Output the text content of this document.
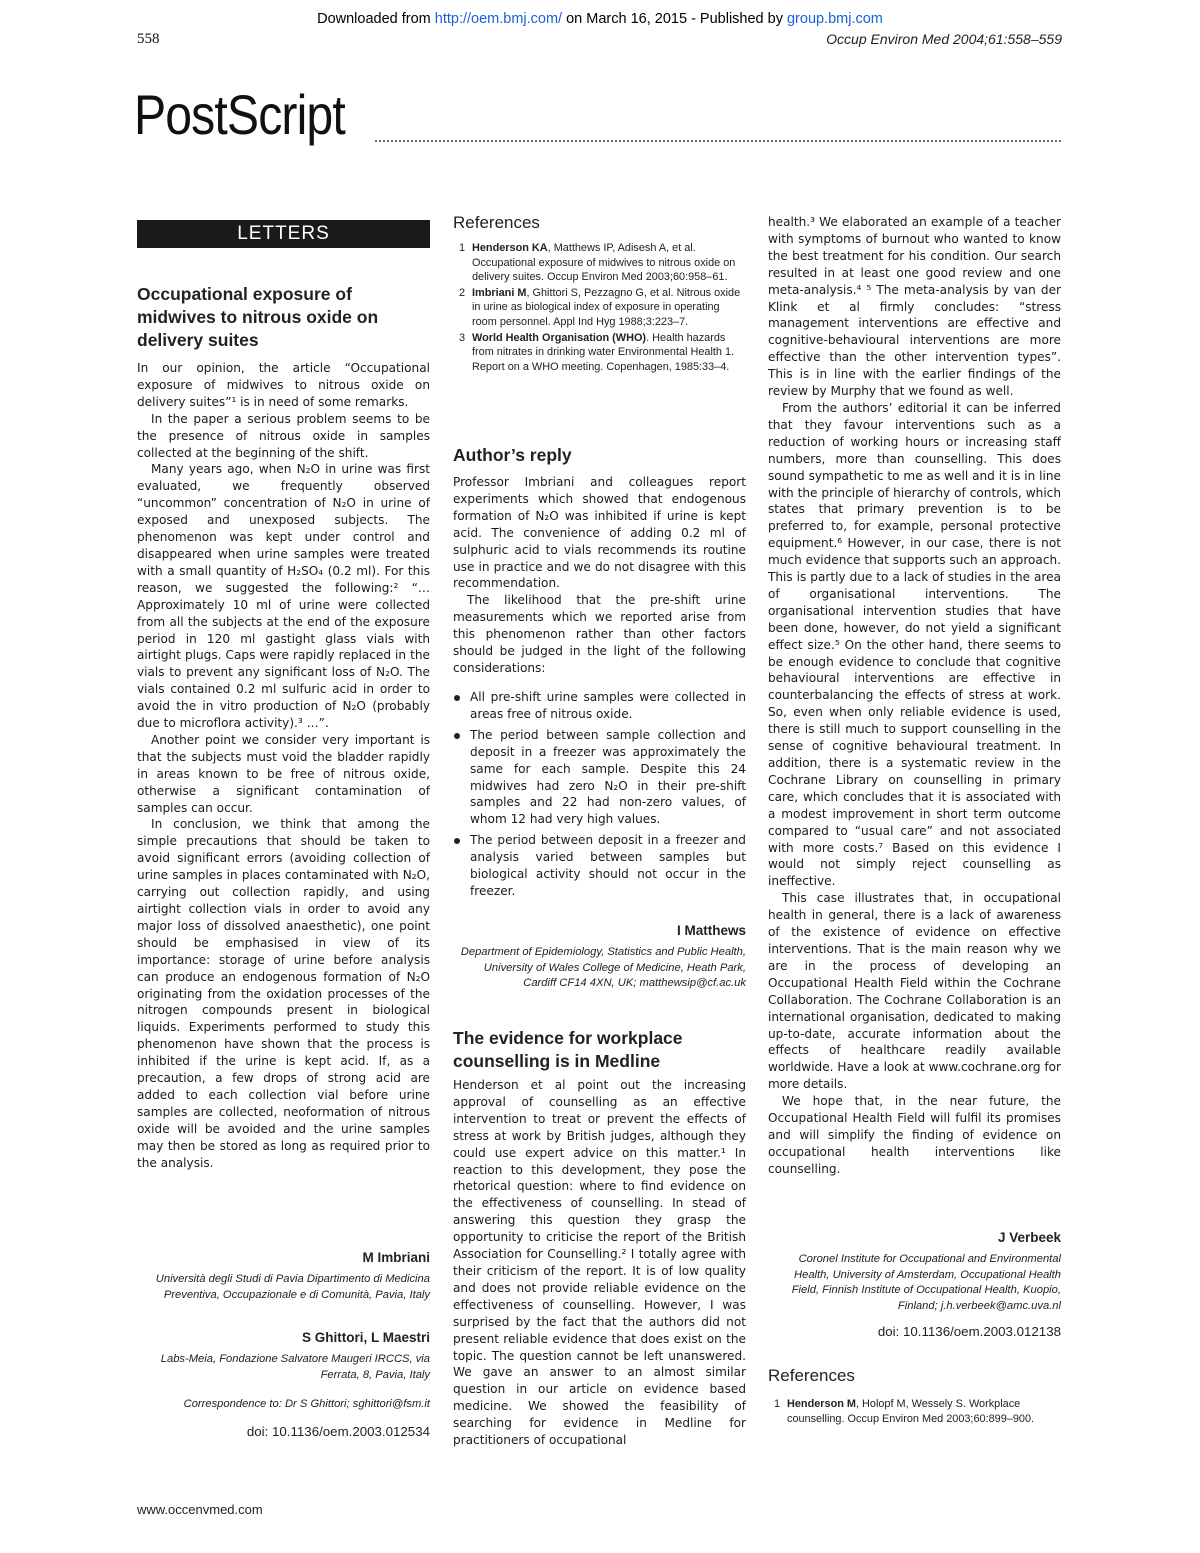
Downloaded from http://oem.bmj.com/ on March 16, 2015 - Published by group.bmj.com
558	Occup Environ Med 2004;61:558–559
PostScript
LETTERS
Occupational exposure of midwives to nitrous oxide on delivery suites

In our opinion, the article “Occupational exposure of midwives to nitrous oxide on delivery suites”¹ is in need of some remarks.

In the paper a serious problem seems to be the presence of nitrous oxide in samples collected at the beginning of the shift.

Many years ago, when N₂O in urine was first evaluated, we frequently observed “uncommon” concentration of N₂O in urine of exposed and unexposed subjects. The phenomenon was kept under control and disappeared when urine samples were treated with a small quantity of H₂SO₄ (0.2 ml). For this reason, we suggested the following:² “… Approximately 10 ml of urine were collected from all the subjects at the end of the exposure period in 120 ml gastight glass vials with airtight plugs. Caps were rapidly replaced in the vials to prevent any significant loss of N₂O. The vials contained 0.2 ml sulfuric acid in order to avoid the in vitro production of N₂O (probably due to microflora activity).³ …”.

Another point we consider very important is that the subjects must void the bladder rapidly in areas known to be free of nitrous oxide, otherwise a significant contamination of samples can occur.

In conclusion, we think that among the simple precautions that should be taken to avoid significant errors (avoiding collection of urine samples in places contaminated with N₂O, carrying out collection rapidly, and using airtight collection vials in order to avoid any major loss of dissolved anaesthetic), one point should be emphasised in view of its importance: storage of urine before analysis can produce an endogenous formation of N₂O originating from the oxidation processes of the nitrogen compounds present in biological liquids. Experiments performed to study this phenomenon have shown that the process is inhibited if the urine is kept acid. If, as a precaution, a few drops of strong acid are added to each collection vial before urine samples are collected, neoformation of nitrous oxide will be avoided and the urine samples may then be stored as long as required prior to the analysis.

M Imbriani
Università degli Studi di Pavia Dipartimento di Medicina Preventiva, Occupazionale e di Comunità, Pavia, Italy
S Ghittori, L Maestri
Labs-Meia, Fondazione Salvatore Maugeri IRCCS, via Ferrata, 8, Pavia, Italy
Correspondence to: Dr S Ghittori; sghittori@fsm.it
doi: 10.1136/oem.2003.012534
References
1 Henderson KA, Matthews IP, Adisesh A, et al. Occupational exposure of midwives to nitrous oxide on delivery suites. Occup Environ Med 2003;60:958–61.
2 Imbriani M, Ghittori S, Pezzagno G, et al. Nitrous oxide in urine as biological index of exposure in operating room personnel. Appl Ind Hyg 1988;3:223–7.
3 World Health Organisation (WHO). Health hazards from nitrates in drinking water Environmental Health 1. Report on a WHO meeting. Copenhagen, 1985:33–4.
Author’s reply

Professor Imbriani and colleagues report experiments which showed that endogenous formation of N₂O was inhibited if urine is kept acid. The convenience of adding 0.2 ml of sulphuric acid to vials recommends its routine use in practice and we do not disagree with this recommendation.

The likelihood that the pre-shift urine measurements which we reported arise from this phenomenon rather than other factors should be judged in the light of the following considerations:

All pre-shift urine samples were collected in areas free of nitrous oxide.
The period between sample collection and deposit in a freezer was approximately the same for each sample. Despite this 24 midwives had zero N₂O in their pre-shift samples and 22 had non-zero values, of whom 12 had very high values.
The period between deposit in a freezer and analysis varied between samples but biological activity should not occur in the freezer.
I Matthews
Department of Epidemiology, Statistics and Public Health, University of Wales College of Medicine, Heath Park, Cardiff CF14 4XN, UK; matthewsip@cf.ac.uk
The evidence for workplace counselling is in Medline

Henderson et al point out the increasing approval of counselling as an effective intervention to treat or prevent the effects of stress at work by British judges, although they could use expert advice on this matter.¹ In reaction to this development, they pose the rhetorical question: where to find evidence on the effectiveness of counselling. In stead of answering this question they grasp the opportunity to criticise the report of the British Association for Counselling.² I totally agree with their criticism of the report. It is of low quality and does not provide reliable evidence on the effectiveness of counselling. However, I was surprised by the fact that the authors did not present reliable evidence that does exist on the topic. The question cannot be left unanswered. We gave an answer to an almost similar question in our article on evidence based medicine. We showed the feasibility of searching for evidence in Medline for practitioners of occupational

health.³ We elaborated an example of a teacher with symptoms of burnout who wanted to know the best treatment for his condition. Our search resulted in at least one good review and one meta-analysis.⁴ ⁵ The meta-analysis by van der Klink et al firmly concludes: “stress management interventions are effective and cognitive-behavioural interventions are more effective than the other intervention types”. This is in line with the earlier findings of the review by Murphy that we found as well.

From the authors’ editorial it can be inferred that they favour interventions such as a reduction of working hours or increasing staff numbers, more than counselling. This does sound sympathetic to me as well and it is in line with the principle of hierarchy of controls, which states that primary prevention is to be preferred to, for example, personal protective equipment.⁶ However, in our case, there is not much evidence that supports such an approach. This is partly due to a lack of studies in the area of organisational interventions. The organisational intervention studies that have been done, however, do not yield a significant effect size.⁵ On the other hand, there seems to be enough evidence to conclude that cognitive behavioural interventions are effective in counterbalancing the effects of stress at work. So, even when only reliable evidence is used, there is still much to support counselling in the sense of cognitive behavioural treatment. In addition, there is a systematic review in the Cochrane Library on counselling in primary care, which concludes that it is associated with a modest improvement in short term outcome compared to “usual care” and not associated with more costs.⁷ Based on this evidence I would not simply reject counselling as ineffective.

This case illustrates that, in occupational health in general, there is a lack of awareness of the existence of evidence on effective interventions. That is the main reason why we are in the process of developing an Occupational Health Field within the Cochrane Collaboration. The Cochrane Collaboration is an international organisation, dedicated to making up-to-date, accurate information about the effects of healthcare readily available worldwide. Have a look at www.cochrane.org for more details.

We hope that, in the near future, the Occupational Health Field will fulfil its promises and will simplify the finding of evidence on occupational health interventions like counselling.

J Verbeek
Coronel Institute for Occupational and Environmental Health, University of Amsterdam, Occupational Health Field, Finnish Institute of Occupational Health, Kuopio, Finland; j.h.verbeek@amc.uva.nl
doi: 10.1136/oem.2003.012138
References
1 Henderson M, Holopf M, Wessely S. Workplace counselling. Occup Environ Med 2003;60:899–900.
www.occenvmed.com
